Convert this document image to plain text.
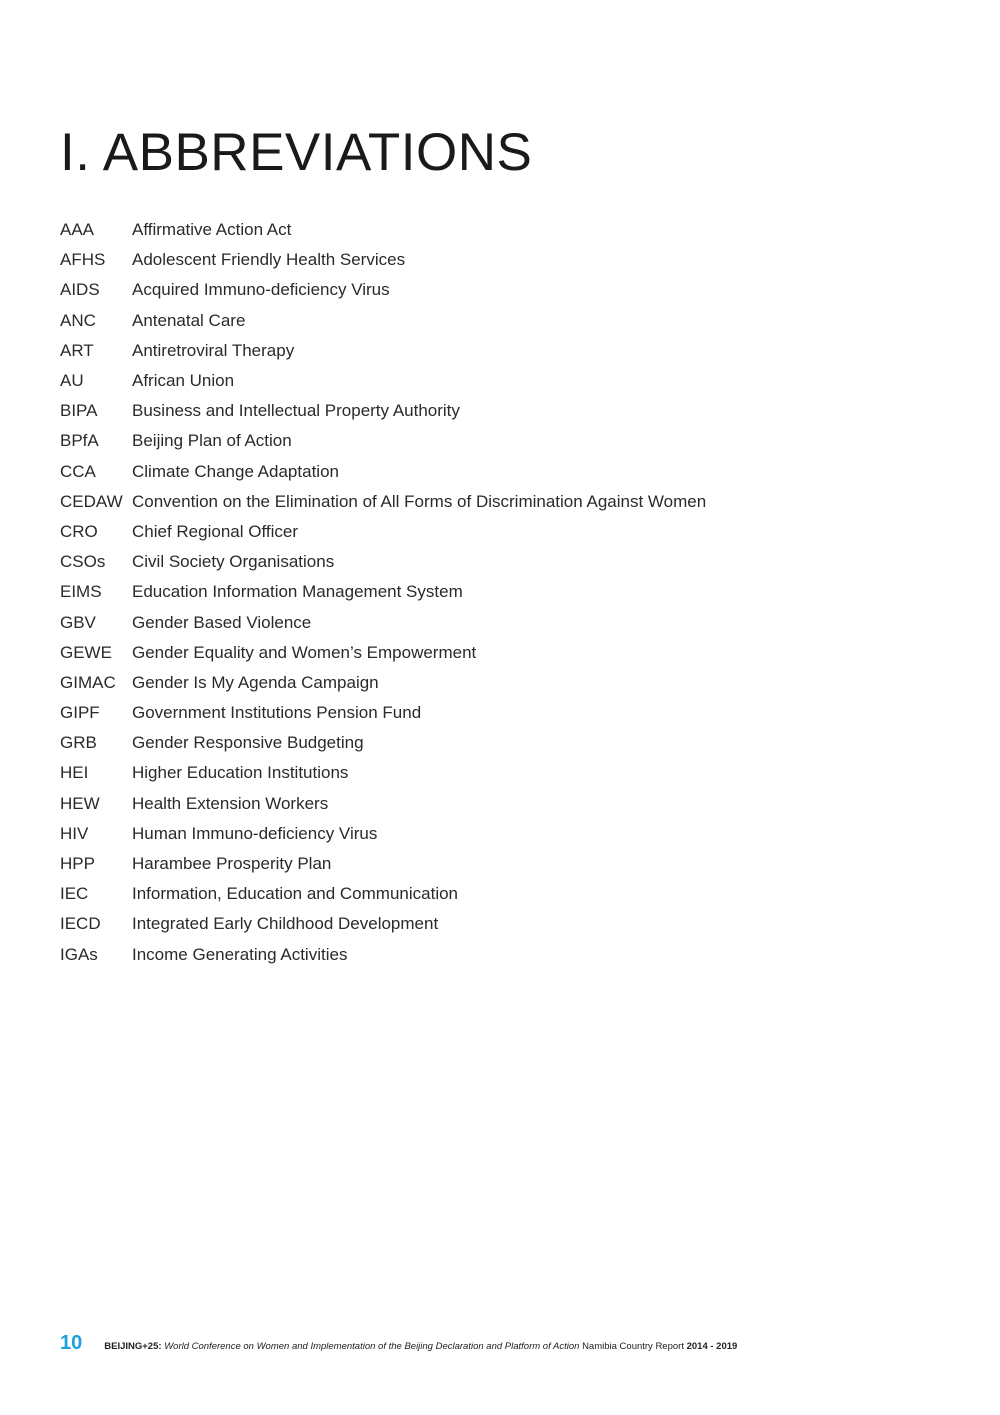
I. ABBREVIATIONS
AAA	Affirmative Action Act
AFHS	Adolescent Friendly Health Services
AIDS	Acquired Immuno-deficiency Virus
ANC	Antenatal Care
ART	Antiretroviral Therapy
AU	African Union
BIPA	Business and Intellectual Property Authority
BPfA	Beijing Plan of Action
CCA	Climate Change Adaptation
CEDAW Convention on the Elimination of All Forms of Discrimination Against Women
CRO	Chief Regional Officer
CSOs	Civil Society Organisations
EIMS	Education Information Management System
GBV	Gender Based Violence
GEWE	Gender Equality and Women’s Empowerment
GIMAC Gender Is My Agenda Campaign
GIPF	Government Institutions Pension Fund
GRB	Gender Responsive Budgeting
HEI	Higher Education Institutions
HEW	Health Extension Workers
HIV	Human Immuno-deficiency Virus
HPP	Harambee Prosperity Plan
IEC	Information, Education and Communication
IECD	Integrated Early Childhood Development
IGAs	Income Generating Activities
10 BEIJING+25: World Conference on Women and Implementation of the Beijing Declaration and Platform of Action Namibia Country Report 2014 - 2019
